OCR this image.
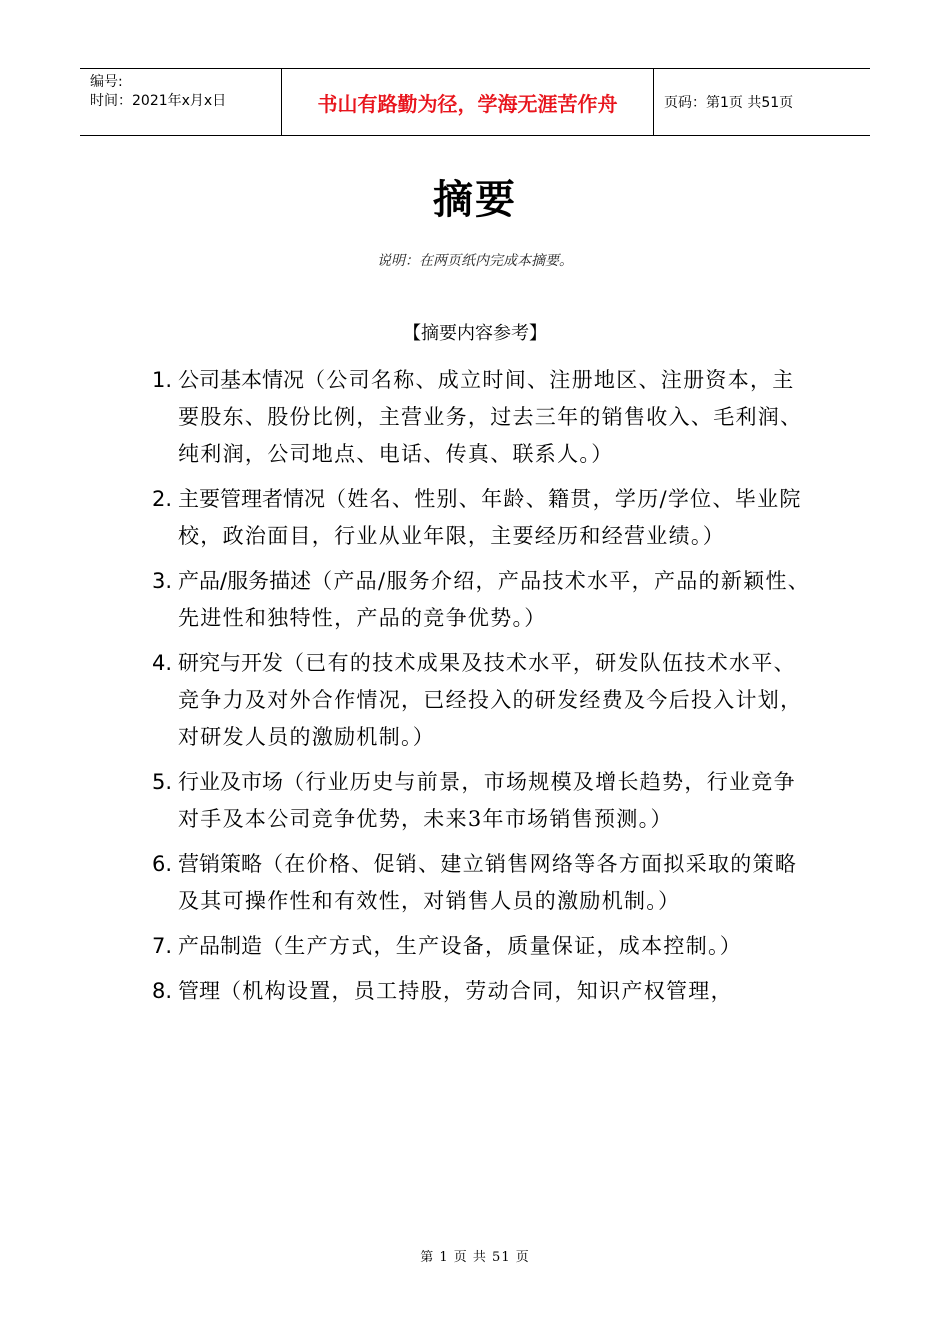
编号:
时间：2021年x月x日	书山有路勤为径，学海无涯苦作舟	页码：第1页 共51页
摘要
说明：在两页纸内完成本摘要。
【摘要内容参考】
1. 公司基本情况（公司名称、成立时间、注册地区、注册资本，主要股东、股份比例，主营业务，过去三年的销售收入、毛利润、纯利润，公司地点、电话、传真、联系人。）
2. 主要管理者情况（姓名、性别、年龄、籍贯，学历/学位、毕业院校，政治面目，行业从业年限，主要经历和经营业绩。）
3. 产品/服务描述（产品/服务介绍，产品技术水平，产品的新颖性、先进性和独特性，产品的竞争优势。）
4. 研究与开发（已有的技术成果及技术水平，研发队伍技术水平、竞争力及对外合作情况，已经投入的研发经费及今后投入计划，对研发人员的激励机制。）
5. 行业及市场（行业历史与前景，市场规模及增长趋势，行业竞争对手及本公司竞争优势，未来3年市场销售预测。）
6. 营销策略（在价格、促销、建立销售网络等各方面拟采取的策略及其可操作性和有效性，对销售人员的激励机制。）
7. 产品制造（生产方式，生产设备，质量保证，成本控制。）
8. 管理（机构设置，员工持股，劳动合同，知识产权管理，
第 1 页 共 51 页
